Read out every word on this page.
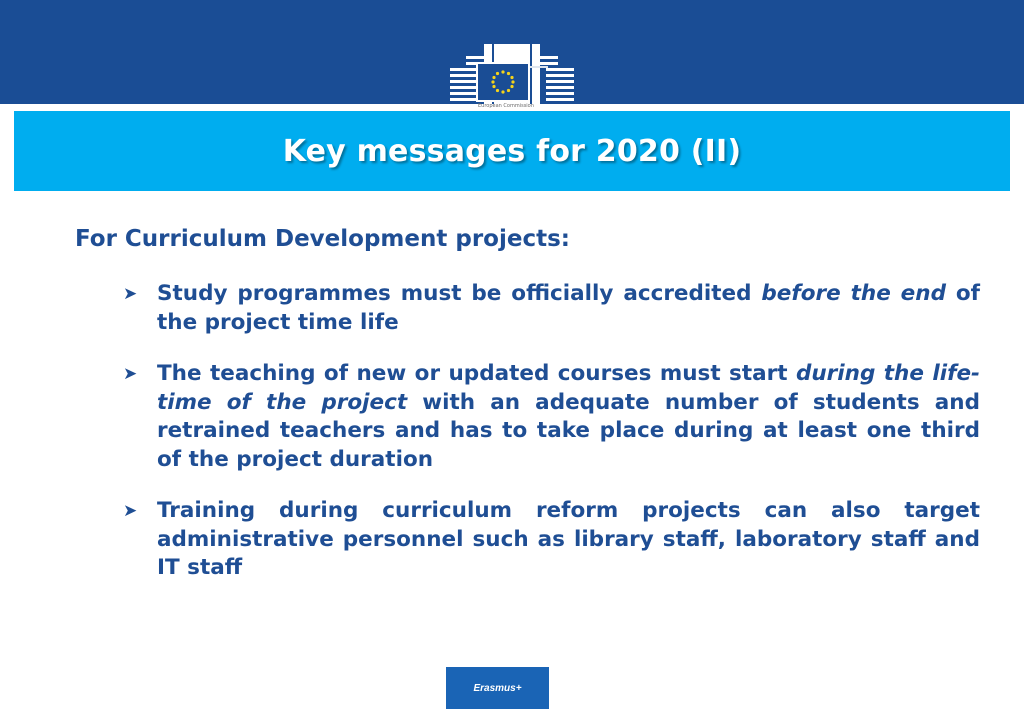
European Commission
Key messages for 2020 (II)
For Curriculum Development projects:
➤ Study programmes must be officially accredited before the end of the project time life
➤ The teaching of new or updated courses must start during the life-time of the project with an adequate number of students and retrained teachers and has to take place during at least one third of the project duration
➤ Training during curriculum reform projects can also target administrative personnel such as library staff, laboratory staff and IT staff
Erasmus+
